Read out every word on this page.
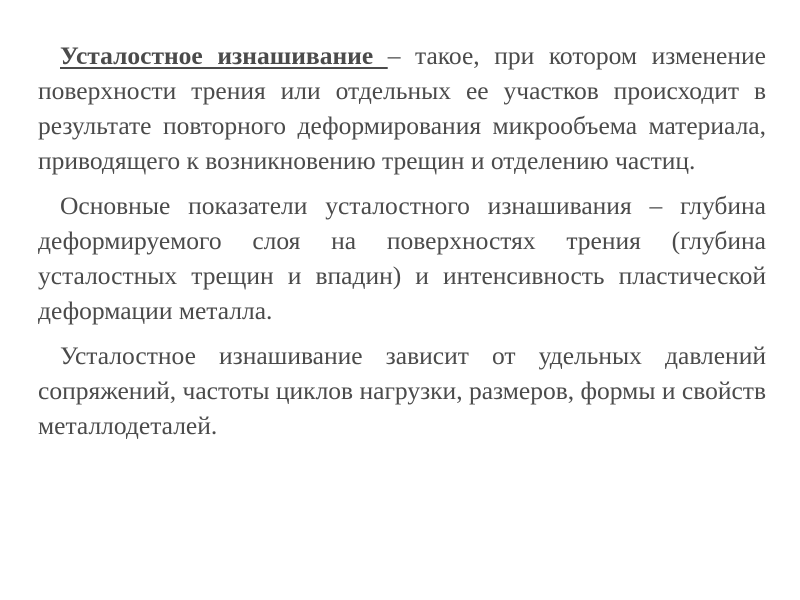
Усталостное изнашивание – такое, при котором изменение поверхности трения или отдельных ее участков происходит в результате повторного деформирования микрообъема материала, приводящего к возникновению трещин и отделению частиц.

Основные показатели усталостного изнашивания – глубина деформируемого слоя на поверхностях трения (глубина усталостных трещин и впадин) и интенсивность пластической деформации металла.

Усталостное изнашивание зависит от удельных давлений сопряжений, частоты циклов нагрузки, размеров, формы и свойств металлодеталей.
